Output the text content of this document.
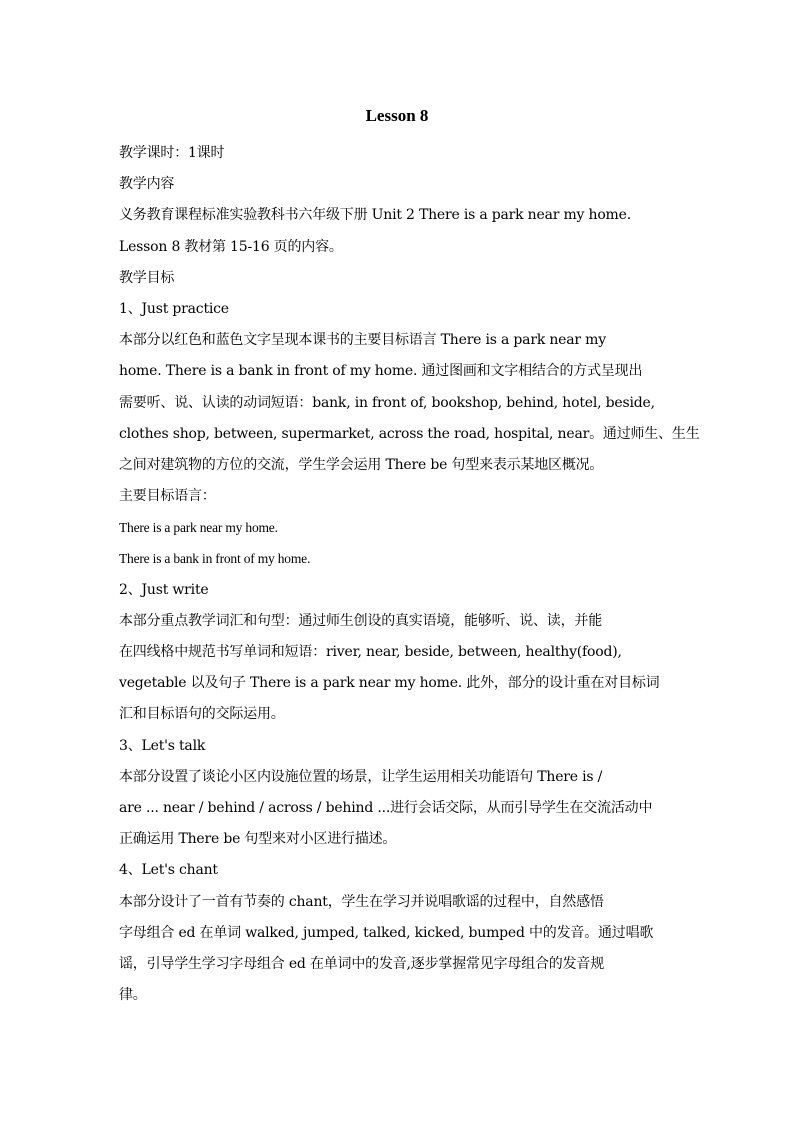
Lesson 8
教学课时：1课时
教学内容
义务教育课程标准实验教科书六年级下册 Unit 2 There is a park near my home.
Lesson 8 教材第 15-16 页的内容。
教学目标
1、Just practice
本部分以红色和蓝色文字呈现本课书的主要目标语言 There is a park near my
home. There is a bank in front of my home. 通过图画和文字相结合的方式呈现出
需要听、说、认读的动词短语：bank, in front of, bookshop, behind, hotel, beside,
clothes shop, between, supermarket, across the road, hospital, near。通过师生、生生
之间对建筑物的方位的交流，学生学会运用 There be 句型来表示某地区概况。
主要目标语言：
There is a park near my home.
There is a bank in front of my home.
2、Just write
本部分重点教学词汇和句型：通过师生创设的真实语境，能够听、说、读，并能
在四线格中规范书写单词和短语：river, near, beside, between, healthy(food),
vegetable 以及句子 There is a park near my home. 此外，部分的设计重在对目标词
汇和目标语句的交际运用。
3、Let's talk
本部分设置了谈论小区内设施位置的场景，让学生运用相关功能语句 There is /
are ... near / behind / across / behind ...进行会话交际，从而引导学生在交流活动中
正确运用 There be 句型来对小区进行描述。
4、Let's chant
本部分设计了一首有节奏的 chant，学生在学习并说唱歌谣的过程中，自然感悟
字母组合 ed 在单词 walked, jumped, talked, kicked, bumped 中的发音。通过唱歌
谣，引导学生学习字母组合 ed 在单词中的发音,逐步掌握常见字母组合的发音规
律。
